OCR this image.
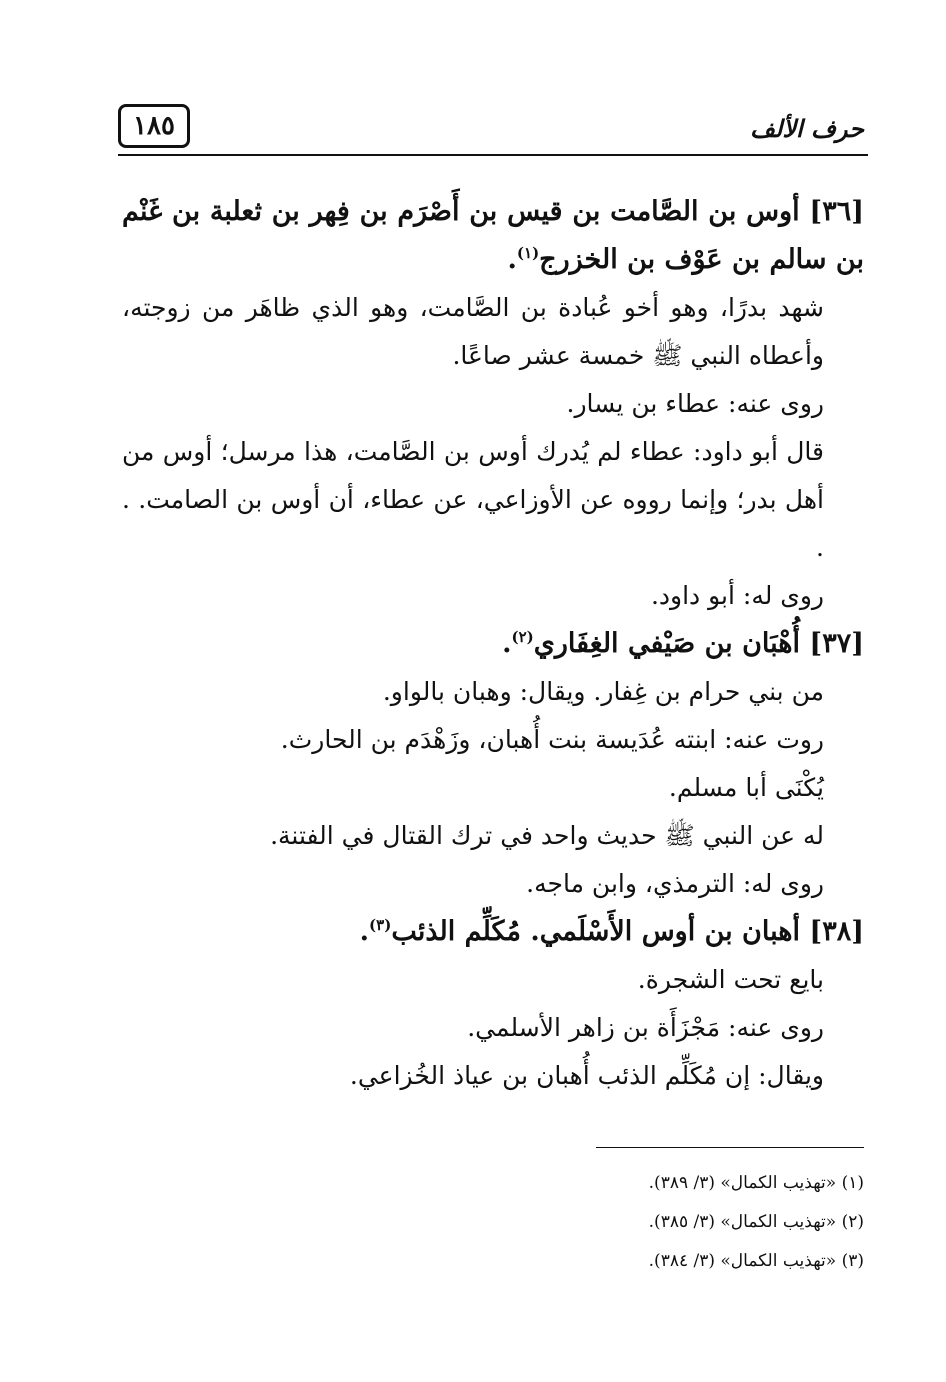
١٨٥	حرف الألف

[٣٦] أوس بن الصَّامت بن قيس بن أَصْرَم بن فِهر بن ثعلبة بن غَنْم بن سالم بن عَوْف بن الخزرج$^{(١)}$.

شهد بدرًا، وهو أخو عُبادة بن الصَّامت، وهو الذي ظاهَر من زوجته، وأعطاه النبي ﷺ خمسة عشر صاعًا.

روى عنه: عطاء بن يسار.

قال أبو داود: عطاء لم يُدرك أوس بن الصَّامت، هذا مرسل؛ أوس من أهل بدر؛ وإنما رووه عن الأوزاعي، عن عطاء، أن أوس بن الصامت. . .

روى له: أبو داود.

[٣٧] أُهْبَان بن صَيْفي الغِفَاري$^{(٢)}$.

من بني حرام بن غِفار. ويقال: وهبان بالواو.

روت عنه: ابنته عُدَيسة بنت أُهبان، وزَهْدَم بن الحارث.

يُكْنَى أبا مسلم.

له عن النبي ﷺ حديث واحد في ترك القتال في الفتنة.

روى له: الترمذي، وابن ماجه.

[٣٨] أهبان بن أوس الأَسْلَمي. مُكَلِّم الذئب$^{(٣)}$.

بايع تحت الشجرة.

روى عنه: مَجْزَأَة بن زاهر الأسلمي.

ويقال: إن مُكَلِّم الذئب أُهبان بن عياذ الخُزاعي.

(١) «تهذيب الكمال» (٣/ ٣٨٩).
(٢) «تهذيب الكمال» (٣/ ٣٨٥).
(٣) «تهذيب الكمال» (٣/ ٣٨٤).
